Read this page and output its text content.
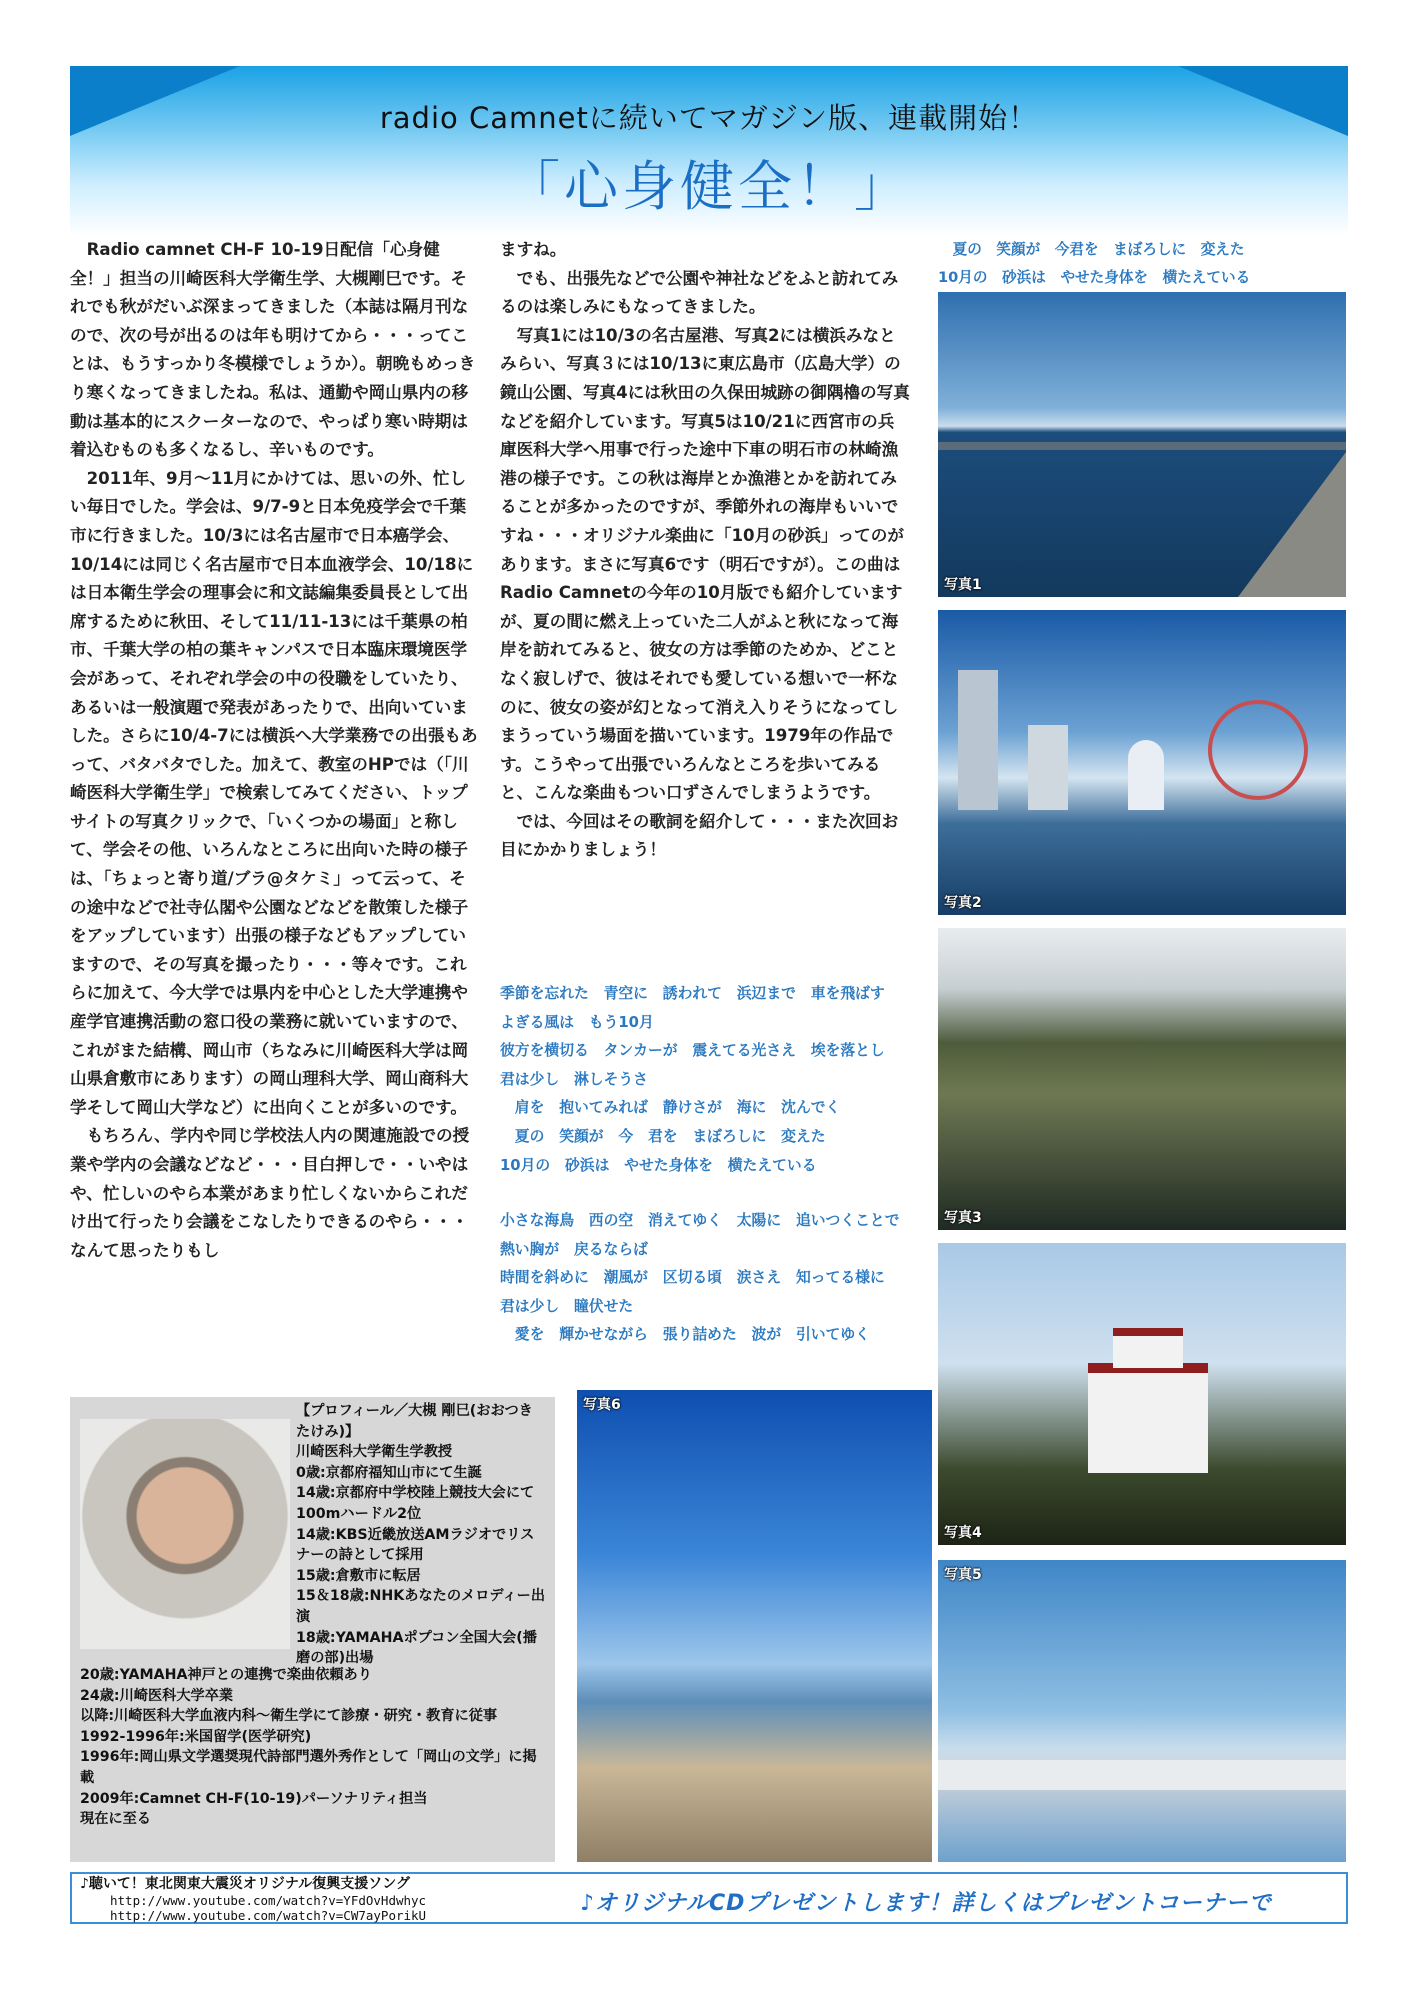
radio Camnetに続いてマガジン版、連載開始！
「心身健全！」

Radio camnet CH-F 10-19日配信「心身健全！」担当の川崎医科大学衛生学、大槻剛巳です。それでも秋がだいぶ深まってきました（本誌は隔月刊なので、次の号が出るのは年も明けてから・・・ってことは、もうすっかり冬模様でしょうか）。朝晩もめっきり寒くなってきましたね。私は、通勤や岡山県内の移動は基本的にスクーターなので、やっぱり寒い時期は着込むものも多くなるし、辛いものです。

2011年、9月～11月にかけては、思いの外、忙しい毎日でした。学会は、9/7-9と日本免疫学会で千葉市に行きました。10/3には名古屋市で日本癌学会、10/14には同じく名古屋市で日本血液学会、10/18には日本衛生学会の理事会に和文誌編集委員長として出席するために秋田、そして11/11-13には千葉県の柏市、千葉大学の柏の葉キャンパスで日本臨床環境医学会があって、それぞれ学会の中の役職をしていたり、あるいは一般演題で発表があったりで、出向いていました。さらに10/4-7には横浜へ大学業務での出張もあって、バタバタでした。加えて、教室のHPでは（「川崎医科大学衛生学」で検索してみてください、トップサイトの写真クリックで、「いくつかの場面」と称して、学会その他、いろんなところに出向いた時の様子は、「ちょっと寄り道/ブラ@タケミ」って云って、その途中などで社寺仏閣や公園などなどを散策した様子をアップしています）出張の様子などもアップしていますので、その写真を撮ったり・・・等々です。これらに加えて、今大学では県内を中心とした大学連携や産学官連携活動の窓口役の業務に就いていますので、これがまた結構、岡山市（ちなみに川崎医科大学は岡山県倉敷市にあります）の岡山理科大学、岡山商科大学そして岡山大学など）に出向くことが多いのです。

もちろん、学内や同じ学校法人内の関連施設での授業や学内の会議などなど・・・目白押しで・・いやはや、忙しいのやら本業があまり忙しくないからこれだけ出て行ったり会議をこなしたりできるのやら・・・なんて思ったりもし

ますね。

でも、出張先などで公園や神社などをふと訪れてみるのは楽しみにもなってきました。

写真1には10/3の名古屋港、写真2には横浜みなとみらい、写真３には10/13に東広島市（広島大学）の鏡山公園、写真4には秋田の久保田城跡の御隅櫓の写真などを紹介しています。写真5は10/21に西宮市の兵庫医科大学へ用事で行った途中下車の明石市の林崎漁港の様子です。この秋は海岸とか漁港とかを訪れてみることが多かったのですが、季節外れの海岸もいいですね・・・オリジナル楽曲に「10月の砂浜」ってのがあります。まさに写真6です（明石ですが）。この曲はRadio Camnetの今年の10月版でも紹介していますが、夏の間に燃え上っていた二人がふと秋になって海岸を訪れてみると、彼女の方は季節のためか、どことなく寂しげで、彼はそれでも愛している想いで一杯なのに、彼女の姿が幻となって消え入りそうになってしまうっていう場面を描いています。1979年の作品です。こうやって出張でいろんなところを歩いてみると、こんな楽曲もつい口ずさんでしまうようです。

では、今回はその歌詞を紹介して・・・また次回お目にかかりましょう！

季節を忘れた　青空に　誘われて　浜辺まで　車を飛ばす　よぎる風は　もう10月
彼方を横切る　タンカーが　震えてる光さえ　埃を落とし　君は少し　淋しそうさ
　肩を　抱いてみれば　静けさが　海に　沈んでく
　夏の　笑顔が　今　君を　まぼろしに　変えた
10月の　砂浜は　やせた身体を　横たえている
小さな海鳥　西の空　消えてゆく　太陽に　追いつくことで　熱い胸が　戻るならば
時間を斜めに　潮風が　区切る頃　涙さえ　知ってる様に　君は少し　瞳伏せた
　愛を　輝かせながら　張り詰めた　波が　引いてゆく
　夏の　笑顔が　今君を　まぼろしに　変えた
10月の　砂浜は　やせた身体を　横たえている
写真1
写真2
写真3
写真4
写真5
写真6
【プロフィール／大槻 剛巳(おおつき　たけみ)】
川崎医科大学衛生学教授
0歳:京都府福知山市にて生誕
14歳:京都府中学校陸上競技大会にて100mハードル2位
14歳:KBS近畿放送AMラジオでリスナーの詩として採用
15歳:倉敷市に転居
15＆18歳:NHKあなたのメロディー出演
18歳:YAMAHAポプコン全国大会(播磨の部)出場
20歳:YAMAHA神戸との連携で楽曲依頼あり
24歳:川崎医科大学卒業
以降:川崎医科大学血液内科～衛生学にて診療・研究・教育に従事
1992-1996年:米国留学(医学研究)
1996年:岡山県文学選奨現代詩部門選外秀作として「岡山の文学」に掲載
2009年:Camnet CH-F(10-19)パーソナリティ担当
現在に至る
♪聴いて！東北関東大震災オリジナル復興支援ソング
http://www.youtube.com/watch?v=YFdOvHdwhyc
http://www.youtube.com/watch?v=CW7ayPorikU	♪オリジナルCDプレゼントします！詳しくはプレゼントコーナーで
